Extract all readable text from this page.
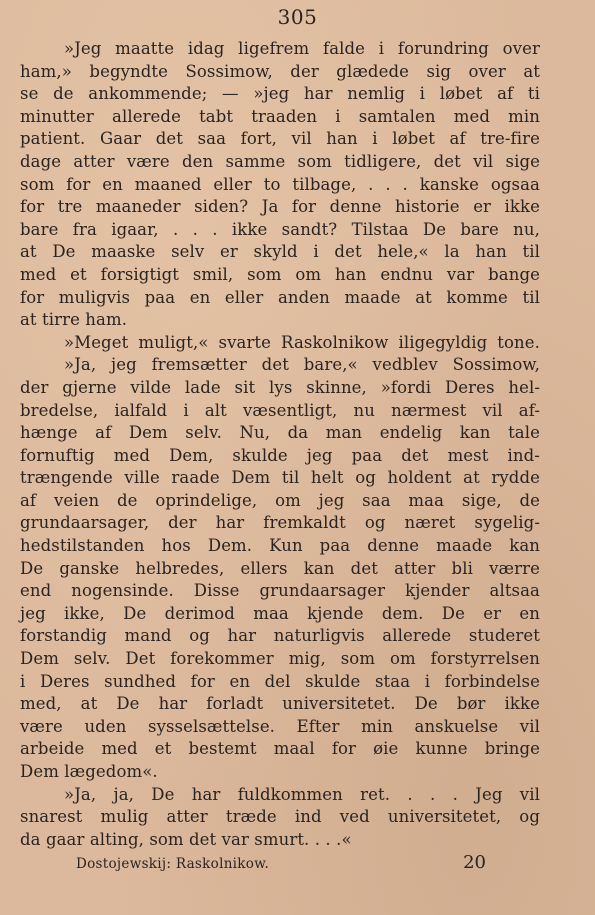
305
»Jeg maatte idag ligefrem falde i forundring over
ham,» begyndte Sossimow, der glædede sig over at
se de ankommende; — »jeg har nemlig i løbet af ti
minutter allerede tabt traaden i samtalen med min
patient. Gaar det saa fort, vil han i løbet af tre-fire
dage atter være den samme som tidligere, det vil sige
som for en maaned eller to tilbage, . . . kanske ogsaa
for tre maaneder siden? Ja for denne historie er ikke
bare fra igaar, . . . ikke sandt? Tilstaa De bare nu,
at De maaske selv er skyld i det hele,« la han til
med et forsigtigt smil, som om han endnu var bange
for muligvis paa en eller anden maade at komme til
at tirre ham.
»Meget muligt,« svarte Raskolnikow iligegyldig tone.
»Ja, jeg fremsætter det bare,« vedblev Sossimow,
der gjerne vilde lade sit lys skinne, »fordi Deres hel-
bredelse, ialfald i alt væsentligt, nu nærmest vil af-
hænge af Dem selv. Nu, da man endelig kan tale
fornuftig med Dem, skulde jeg paa det mest ind-
trængende ville raade Dem til helt og holdent at rydde
af veien de oprindelige, om jeg saa maa sige, de
grundaarsager, der har fremkaldt og næret sygelig-
hedstilstanden hos Dem. Kun paa denne maade kan
De ganske helbredes, ellers kan det atter bli værre
end nogensinde. Disse grundaarsager kjender altsaa
jeg ikke, De derimod maa kjende dem. De er en
forstandig mand og har naturligvis allerede studeret
Dem selv. Det forekommer mig, som om forstyrrelsen
i Deres sundhed for en del skulde staa i forbindelse
med, at De har forladt universitetet. De bør ikke
være uden sysselsættelse. Efter min anskuelse vil
arbeide med et bestemt maal for øie kunne bringe
Dem lægedom«.
»Ja, ja, De har fuldkommen ret. . . . Jeg vil
snarest mulig atter træde ind ved universitetet, og
da gaar alting, som det var smurt. . . .«
Dostojewskij: Raskolnikow.	20
